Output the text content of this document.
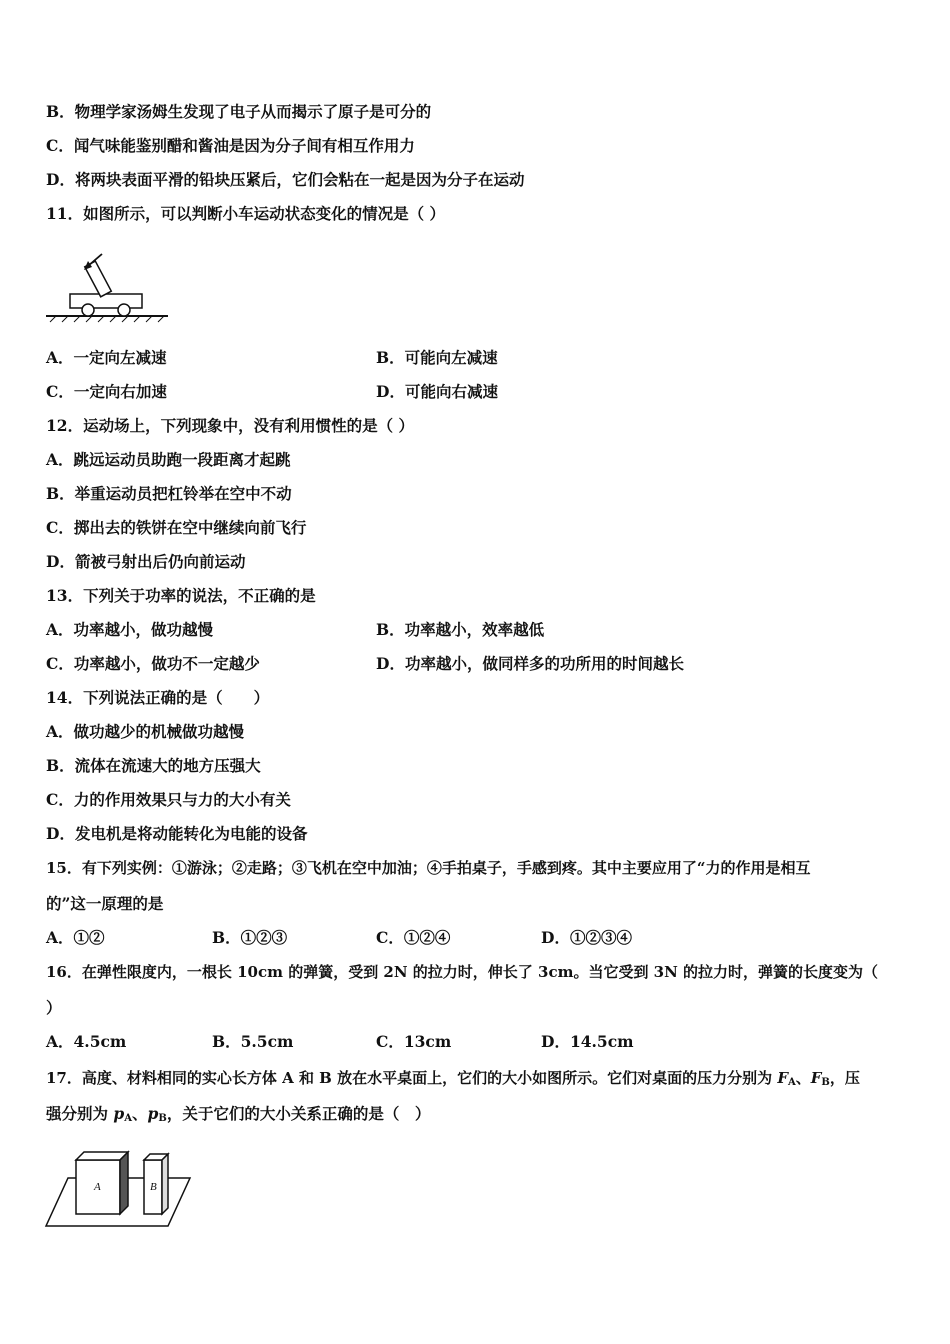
B．物理学家汤姆生发现了电子从而揭示了原子是可分的
C．闻气味能鉴别醋和酱油是因为分子间有相互作用力
D．将两块表面平滑的铅块压紧后，它们会粘在一起是因为分子在运动
11．如图所示，可以判断小车运动状态变化的情况是（ ）
A．一定向左减速	B．可能向左减速
C．一定向右加速	D．可能向右减速
12．运动场上，下列现象中，没有利用惯性的是（ ）
A．跳远运动员助跑一段距离才起跳
B．举重运动员把杠铃举在空中不动
C．掷出去的铁饼在空中继续向前飞行
D．箭被弓射出后仍向前运动
13．下列关于功率的说法，不正确的是
A．功率越小，做功越慢	B．功率越小，效率越低
C．功率越小，做功不一定越少	D．功率越小，做同样多的功所用的时间越长
14．下列说法正确的是（　　）
A．做功越少的机械做功越慢
B．流体在流速大的地方压强大
C．力的作用效果只与力的大小有关
D．发电机是将动能转化为电能的设备
15．有下列实例：①游泳；②走路；③飞机在空中加油；④手拍桌子，手感到疼。其中主要应用了“力的作用是相互
的”这一原理的是
A．①②	B．①②③	C．①②④	D．①②③④
16．在弹性限度内，一根长 10cm 的弹簧，受到 2N 的拉力时，伸长了 3cm。当它受到 3N 的拉力时，弹簧的长度变为（
）
A．4.5cm	B．5.5cm	C．13cm	D．14.5cm
17．高度、材料相同的实心长方体 A 和 B 放在水平桌面上，它们的大小如图所示。它们对桌面的压力分别为 $F_A$、$F_B$，压
强分别为 $p_A$、$p_B$，关于它们的大小关系正确的是（　）
A	B
